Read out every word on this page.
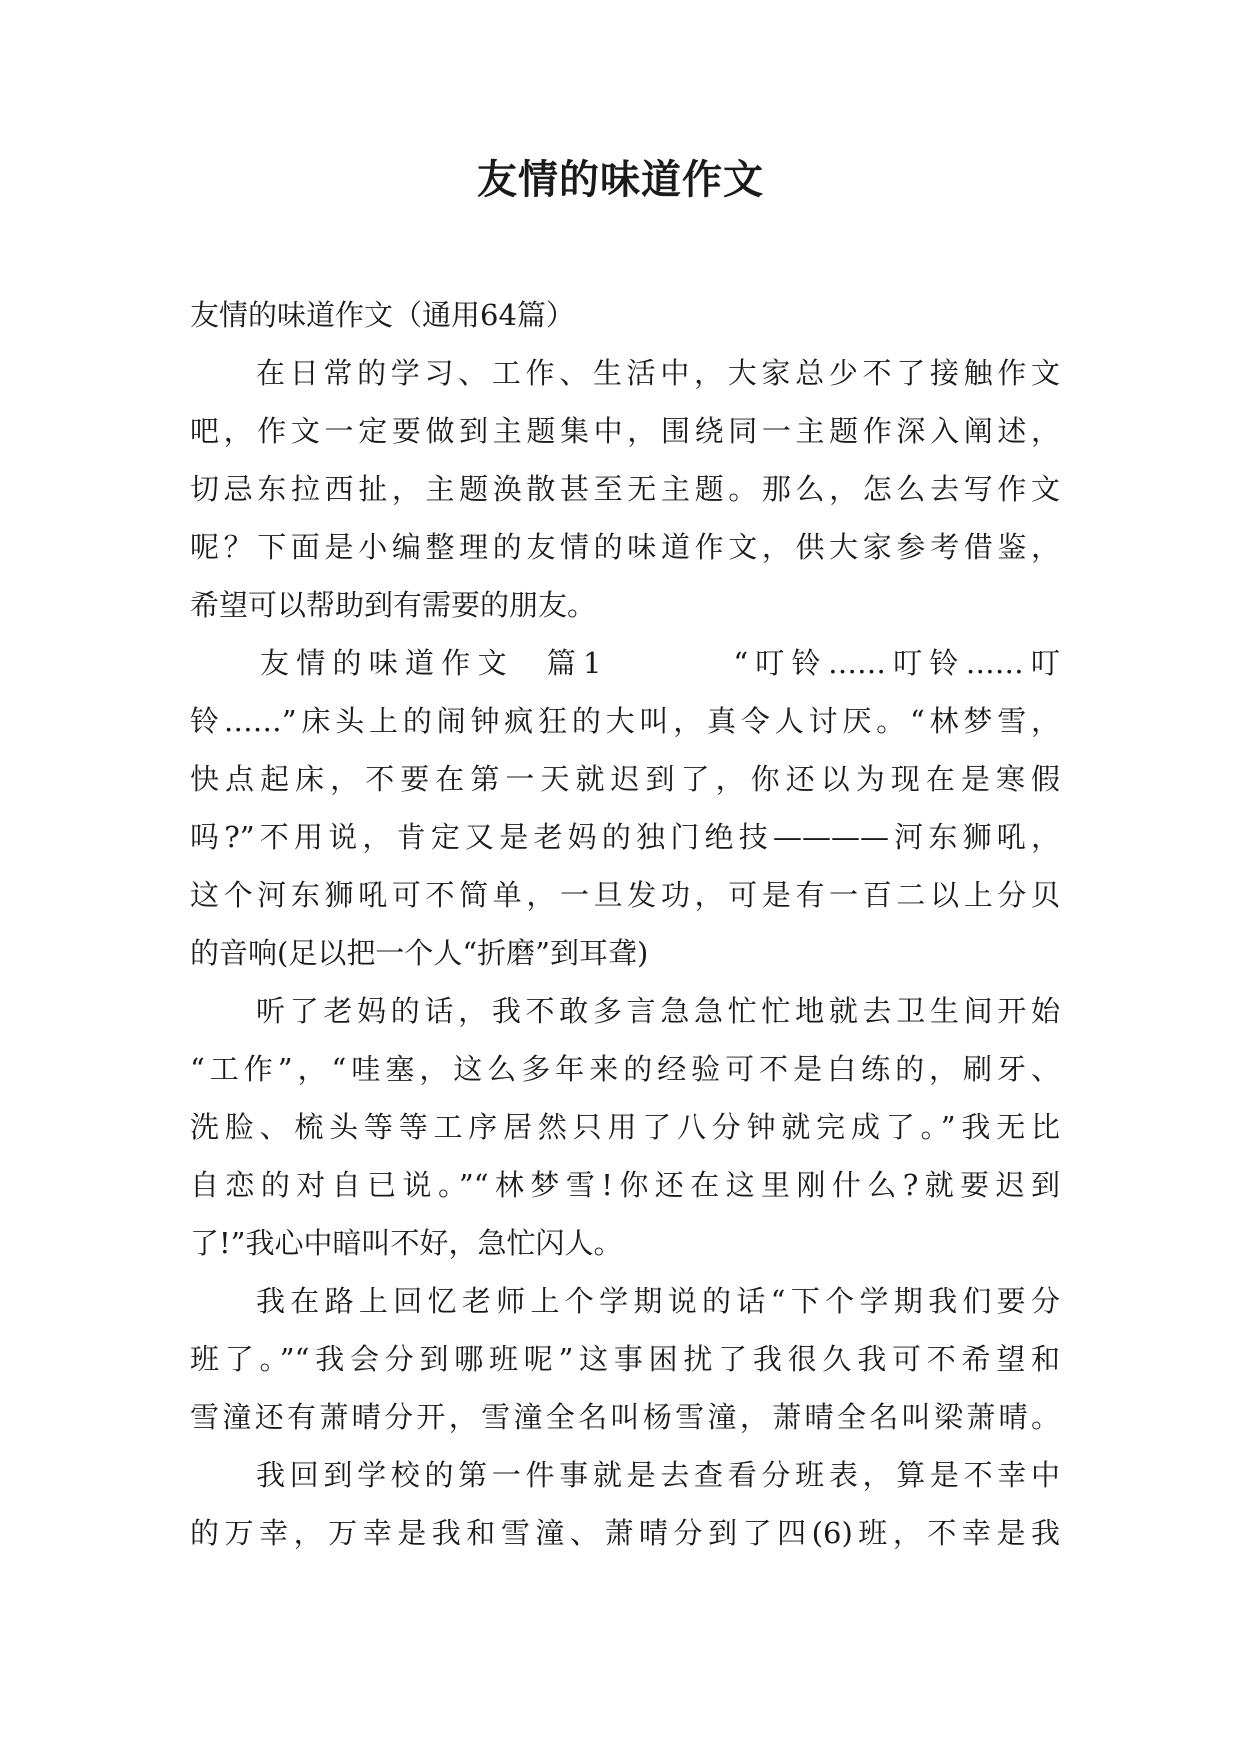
友情的味道作文
友情的味道作文（通用64篇）
在日常的学习、工作、生活中，大家总少不了接触作文
吧，作文一定要做到主题集中，围绕同一主题作深入阐述，
切忌东拉西扯，主题涣散甚至无主题。那么，怎么去写作文
呢？下面是小编整理的友情的味道作文，供大家参考借鉴，
希望可以帮助到有需要的朋友。
友情的味道作文  篇1        “叮铃……叮铃……叮
铃……”床头上的闹钟疯狂的大叫，真令人讨厌。“林梦雪，
快点起床，不要在第一天就迟到了，你还以为现在是寒假
吗?”不用说，肯定又是老妈的独门绝技————河东狮吼，
这个河东狮吼可不简单，一旦发功，可是有一百二以上分贝
的音响(足以把一个人“折磨”到耳聋)
听了老妈的话，我不敢多言急急忙忙地就去卫生间开始
“工作”，“哇塞，这么多年来的经验可不是白练的，刷牙、
洗脸、梳头等等工序居然只用了八分钟就完成了。”我无比
自恋的对自已说。”“林梦雪!你还在这里刚什么?就要迟到
了!”我心中暗叫不好，急忙闪人。
我在路上回忆老师上个学期说的话“下个学期我们要分
班了。”“我会分到哪班呢”这事困扰了我很久我可不希望和
雪潼还有萧晴分开，雪潼全名叫杨雪潼，萧晴全名叫梁萧晴。
我回到学校的第一件事就是去查看分班表，算是不幸中
的万幸，万幸是我和雪潼、萧晴分到了四(6)班，不幸是我
